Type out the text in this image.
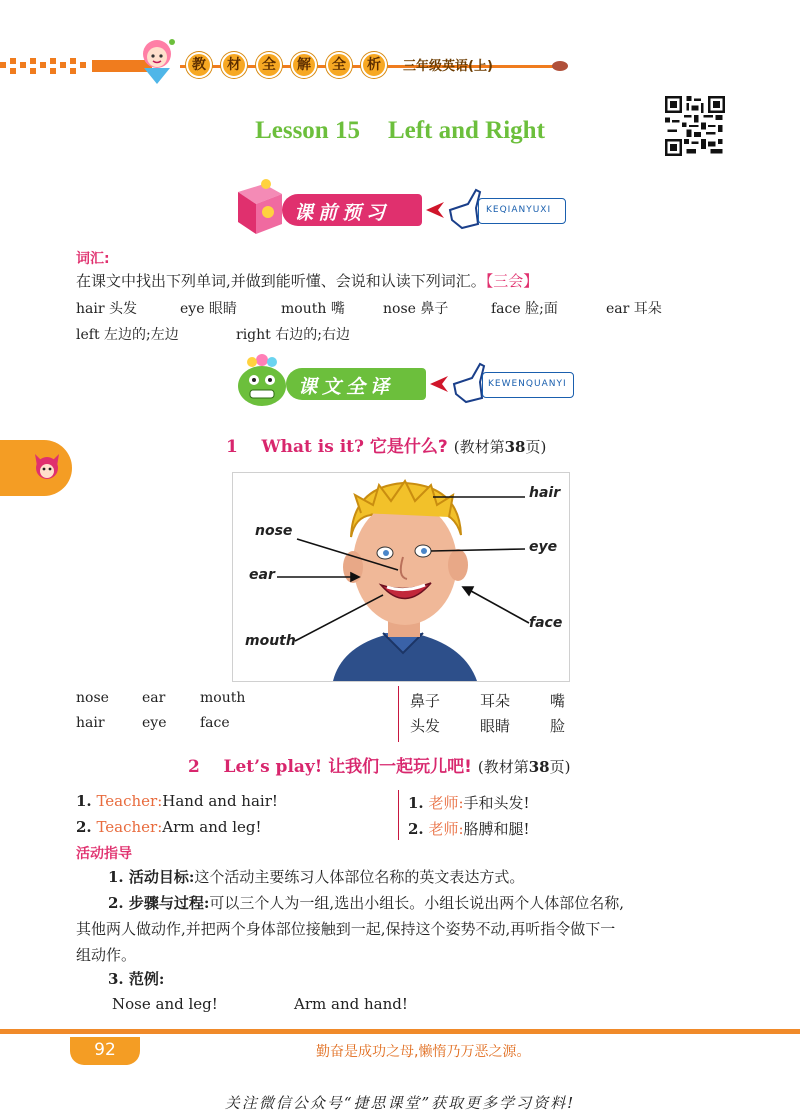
教	材	全	解	全	析	三年级英语(上)
Lesson 15 Left and Right
课前预习	KEQIANYUXI
词汇:
在课文中找出下列单词,并做到能听懂、会说和认读下列词汇。【三会】
hair 头发	eye 眼睛	mouth 嘴	nose 鼻子	face 脸;面	ear 耳朵
left 左边的;左边	right 右边的;右边
课文全译	KEWENQUANYI
1 What is it? 它是什么? (教材第38页)
hair
nose
eye
ear
face
mouth
nose ear mouth
hair	eye face
鼻子	耳朵	嘴
头发	眼睛	脸
2 Let’s play! 让我们一起玩儿吧! (教材第38页)
1. Teacher:Hand and hair!
2. Teacher:Arm and leg!
1. 老师:手和头发!
2. 老师:胳膊和腿!
活动指导
1. 活动目标:这个活动主要练习人体部位名称的英文表达方式。
2. 步骤与过程:可以三个人为一组,选出小组长。小组长说出两个人体部位名称,
其他两人做动作,并把两个身体部位接触到一起,保持这个姿势不动,再听指令做下一
组动作。
3. 范例:
Nose and leg!	Arm and hand!
92	勤奋是成功之母,懒惰乃万恶之源。
关注微信公众号“捷思课堂”获取更多学习资料!
